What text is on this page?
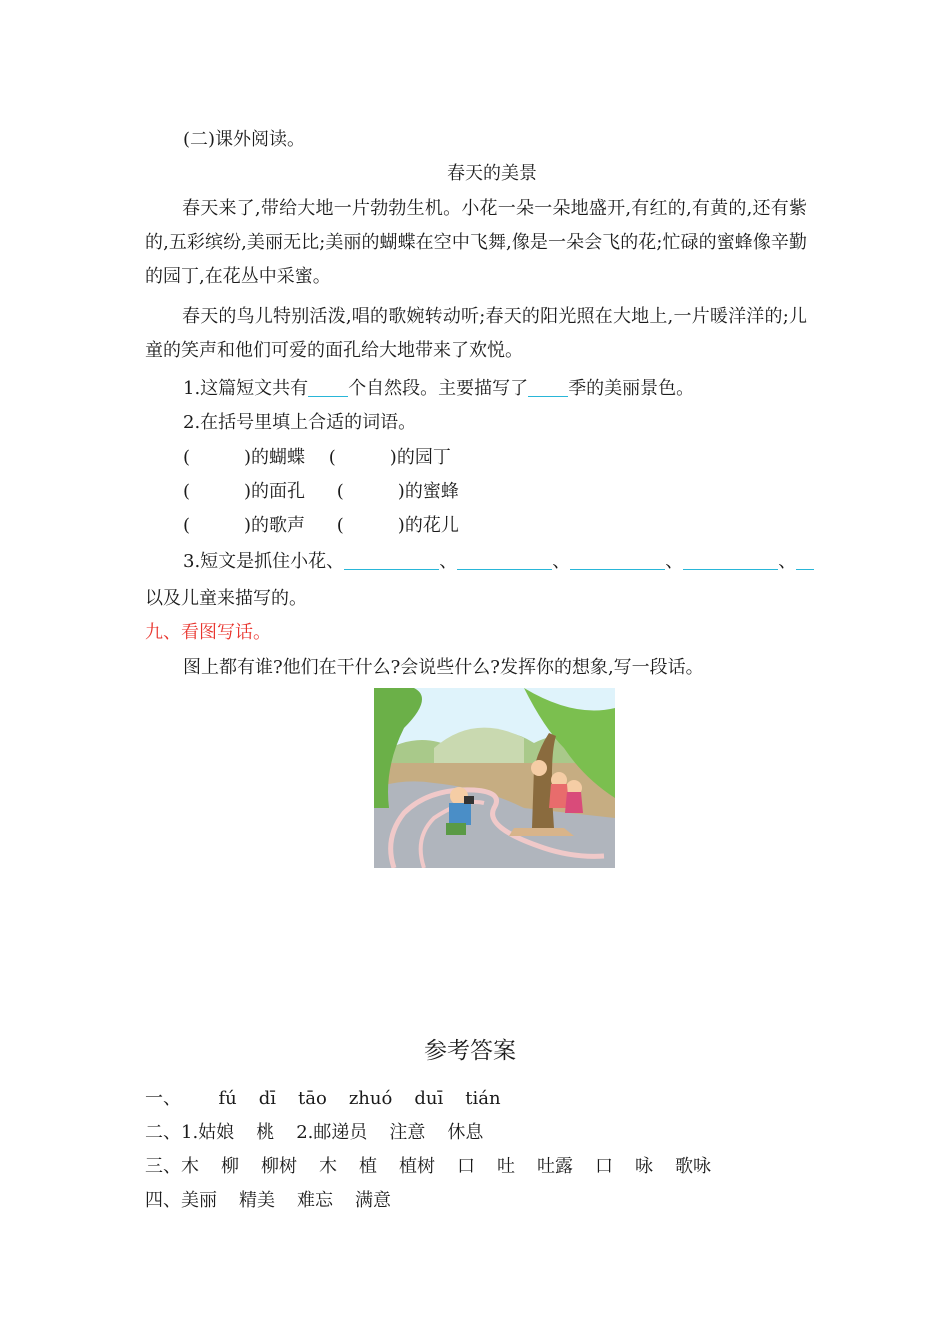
(二)课外阅读。
春天的美景
春天来了,带给大地一片勃勃生机。小花一朵一朵地盛开,有红的,有黄的,还有紫的,五彩缤纷,美丽无比;美丽的蝴蝶在空中飞舞,像是一朵会飞的花;忙碌的蜜蜂像辛勤的园丁,在花丛中采蜜。
春天的鸟儿特别活泼,唱的歌婉转动听;春天的阳光照在大地上,一片暖洋洋的;儿童的笑声和他们可爱的面孔给大地带来了欢悦。
1.这篇短文共有 个自然段。主要描写了 季的美丽景色。
2.在括号里填上合适的词语。
(　　　)的蝴蝶 (　　　)的园丁
(　　　)的面孔 (　　　)的蜜蜂
(　　　)的歌声 (　　　)的花儿
3.短文是抓住小花、	、	、	、	、
以及儿童来描写的。
九、看图写话。
图上都有谁?他们在干什么?会说些什么?发挥你的想象,写一段话。
参考答案
一、 fú dī tāo zhuó duī tián
二、1.姑娘 桃 2.邮递员 注意 休息
三、木 柳 柳树 木 植 植树 口 吐 吐露 口 咏 歌咏
四、美丽 精美 难忘 满意
